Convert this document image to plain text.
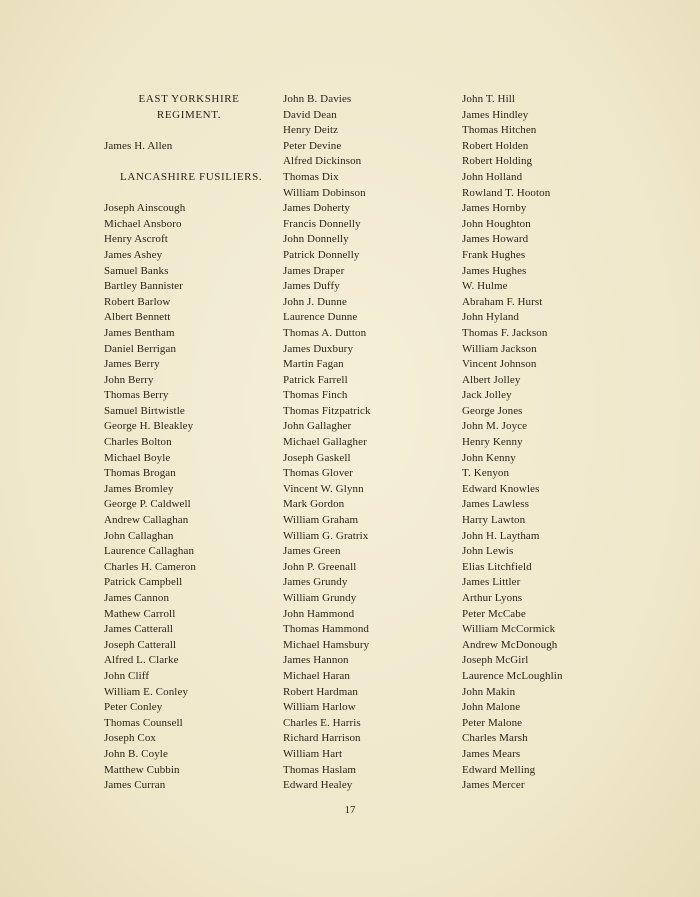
EAST YORKSHIRE
REGIMENT.
James H. Allen
LANCASHIRE FUSILIERS.
Joseph Ainscough
Michael Ansboro
Henry Ascroft
James Ashey
Samuel Banks
Bartley Bannister
Robert Barlow
Albert Bennett
James Bentham
Daniel Berrigan
James Berry
John Berry
Thomas Berry
Samuel Birtwistle
George H. Bleakley
Charles Bolton
Michael Boyle
Thomas Brogan
James Bromley
George P. Caldwell
Andrew Callaghan
John Callaghan
Laurence Callaghan
Charles H. Cameron
Patrick Campbell
James Cannon
Mathew Carroll
James Catterall
Joseph Catterall
Alfred L. Clarke
John Cliff
William E. Conley
Peter Conley
Thomas Counsell
Joseph Cox
John B. Coyle
Matthew Cubbin
James Curran
John B. Davies
David Dean
Henry Deitz
Peter Devine
Alfred Dickinson
Thomas Dix
William Dobinson
James Doherty
Francis Donnelly
John Donnelly
Patrick Donnelly
James Draper
James Duffy
John J. Dunne
Laurence Dunne
Thomas A. Dutton
James Duxbury
Martin Fagan
Patrick Farrell
Thomas Finch
Thomas Fitzpatrick
John Gallagher
Michael Gallagher
Joseph Gaskell
Thomas Glover
Vincent W. Glynn
Mark Gordon
William Graham
William G. Gratrix
James Green
John P. Greenall
James Grundy
William Grundy
John Hammond
Thomas Hammond
Michael Hamsbury
James Hannon
Michael Haran
Robert Hardman
William Harlow
Charles E. Harris
Richard Harrison
William Hart
Thomas Haslam
Edward Healey
John T. Hill
James Hindley
Thomas Hitchen
Robert Holden
Robert Holding
John Holland
Rowland T. Hooton
James Hornby
John Houghton
James Howard
Frank Hughes
James Hughes
W. Hulme
Abraham F. Hurst
John Hyland
Thomas F. Jackson
William Jackson
Vincent Johnson
Albert Jolley
Jack Jolley
George Jones
John M. Joyce
Henry Kenny
John Kenny
T. Kenyon
Edward Knowles
James Lawless
Harry Lawton
John H. Laytham
John Lewis
Elias Litchfield
James Littler
Arthur Lyons
Peter McCabe
William McCormick
Andrew McDonough
Joseph McGirl
Laurence McLoughlin
John Makin
John Malone
Peter Malone
Charles Marsh
James Mears
Edward Melling
James Mercer
17
